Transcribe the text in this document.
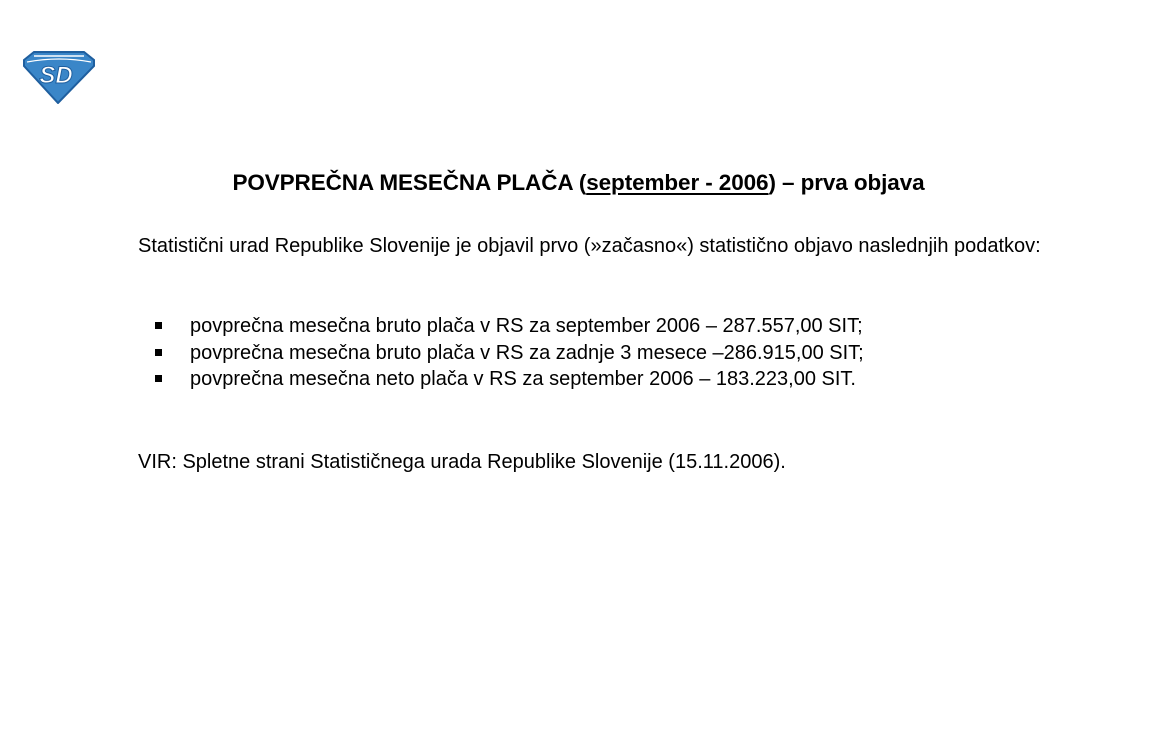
SD
POVPREČNA MESEČNA PLAČA (september - 2006) – prva objava
Statistični urad Republike Slovenije je objavil prvo (»začasno«) statistično objavo naslednjih podatkov:
povprečna mesečna bruto plača v RS za september 2006 – 287.557,00 SIT;
povprečna mesečna bruto plača v RS za zadnje 3 mesece –286.915,00 SIT;
povprečna mesečna neto plača v RS za september 2006 – 183.223,00 SIT.
VIR: Spletne strani Statističnega urada Republike Slovenije (15.11.2006).
